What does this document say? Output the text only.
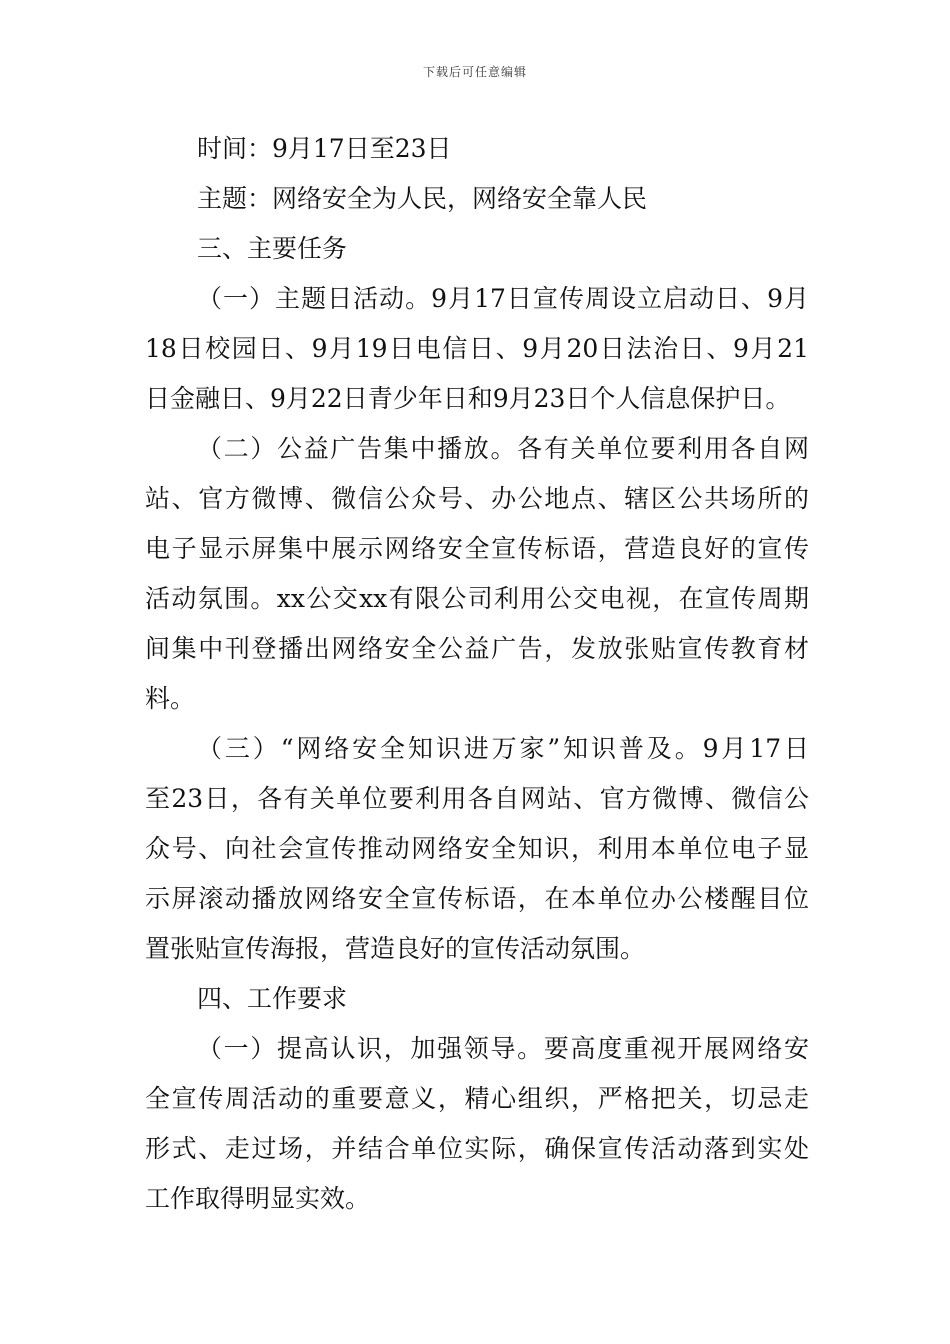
下载后可任意编辑
时间：9月17日至23日
主题：网络安全为人民，网络安全靠人民
三、主要任务
（一）主题日活动。9月17日宣传周设立启动日、9月
18日校园日、9月19日电信日、9月20日法治日、9月21
日金融日、9月22日青少年日和9月23日个人信息保护日。
（二）公益广告集中播放。各有关单位要利用各自网
站、官方微博、微信公众号、办公地点、辖区公共场所的
电子显示屏集中展示网络安全宣传标语，营造良好的宣传
活动氛围。xx公交xx有限公司利用公交电视，在宣传周期
间集中刊登播出网络安全公益广告，发放张贴宣传教育材
料。
（三）“网络安全知识进万家”知识普及。9月17日
至23日，各有关单位要利用各自网站、官方微博、微信公
众号、向社会宣传推动网络安全知识，利用本单位电子显
示屏滚动播放网络安全宣传标语，在本单位办公楼醒目位
置张贴宣传海报，营造良好的宣传活动氛围。
四、工作要求
（一）提高认识，加强领导。要高度重视开展网络安
全宣传周活动的重要意义，精心组织，严格把关，切忌走
形式、走过场，并结合单位实际，确保宣传活动落到实处
工作取得明显实效。
